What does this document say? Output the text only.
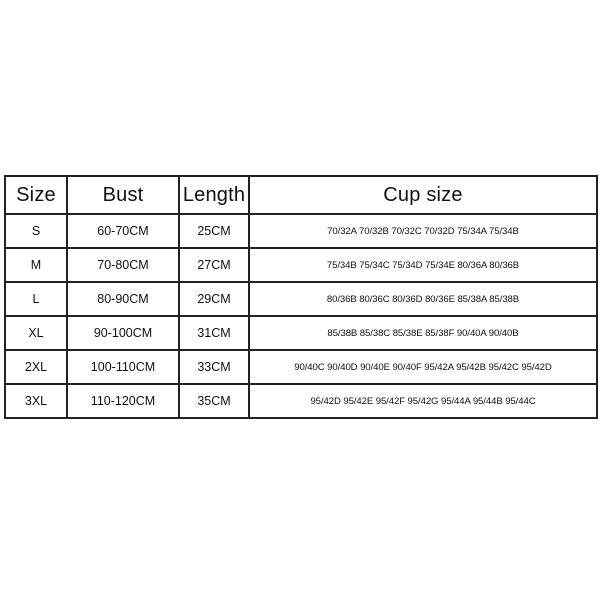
Size	Bust	Length	Cup size
S	60-70CM	25CM	70/32A 70/32B 70/32C 70/32D 75/34A 75/34B
M	70-80CM	27CM	75/34B 75/34C 75/34D 75/34E 80/36A 80/36B
L	80-90CM	29CM	80/36B 80/36C 80/36D 80/36E 85/38A 85/38B
XL	90-100CM	31CM	85/38B 85/38C 85/38E 85/38F 90/40A 90/40B
2XL	100-110CM	33CM	90/40C 90/40D 90/40E 90/40F 95/42A 95/42B 95/42C 95/42D
3XL	110-120CM	35CM	95/42D 95/42E 95/42F 95/42G 95/44A 95/44B 95/44C
